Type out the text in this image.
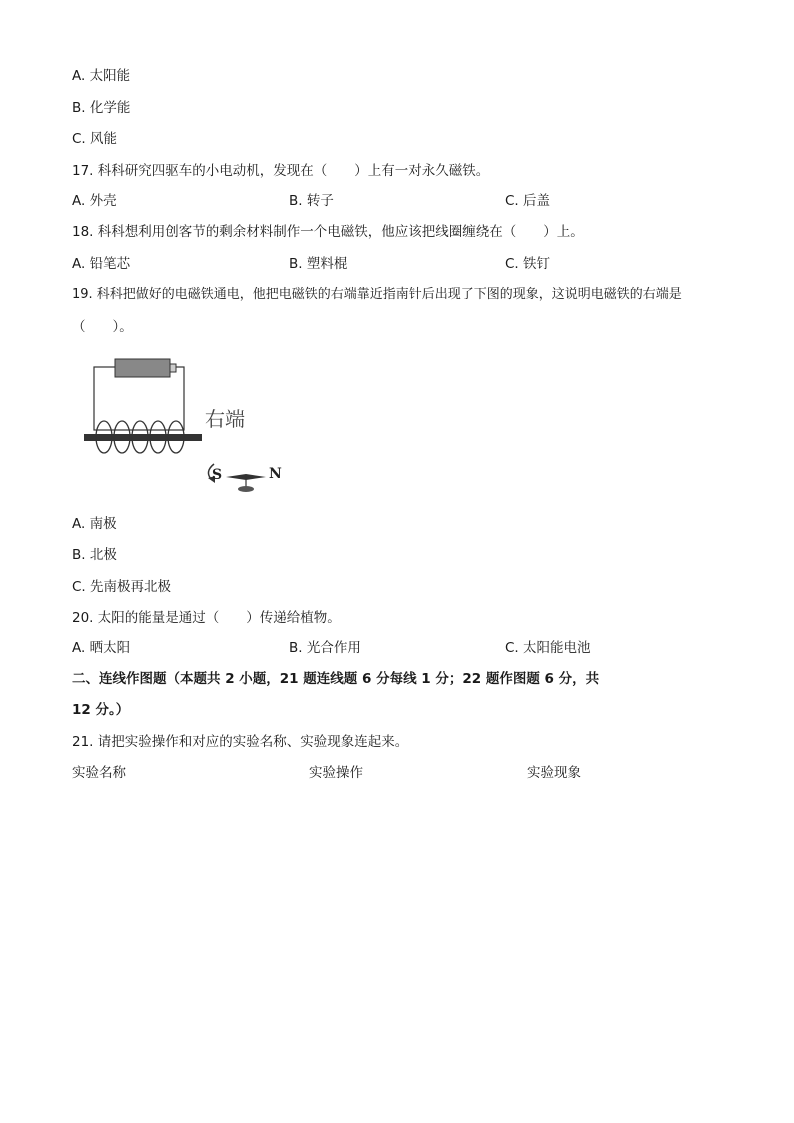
A. 太阳能
B. 化学能
C. 风能
17. 科科研究四驱车的小电动机，发现在（　　）上有一对永久磁铁。
A. 外壳	B. 转子	C. 后盖
18. 科科想利用创客节的剩余材料制作一个电磁铁，他应该把线圈缠绕在（　　）上。
A. 铅笔芯	B. 塑料棍	C. 铁钉
19. 科科把做好的电磁铁通电，他把电磁铁的右端靠近指南针后出现了下图的现象，这说明电磁铁的右端是
（　　）。
右端
S	N
A. 南极
B. 北极
C. 先南极再北极
20. 太阳的能量是通过（　　）传递给植物。
A. 晒太阳	B. 光合作用	C. 太阳能电池
二、连线作图题（本题共 2 小题，21 题连线题 6 分每线 1 分；22 题作图题 6 分，共
12 分。）
21. 请把实验操作和对应的实验名称、实验现象连起来。
实验名称	实验操作	实验现象
